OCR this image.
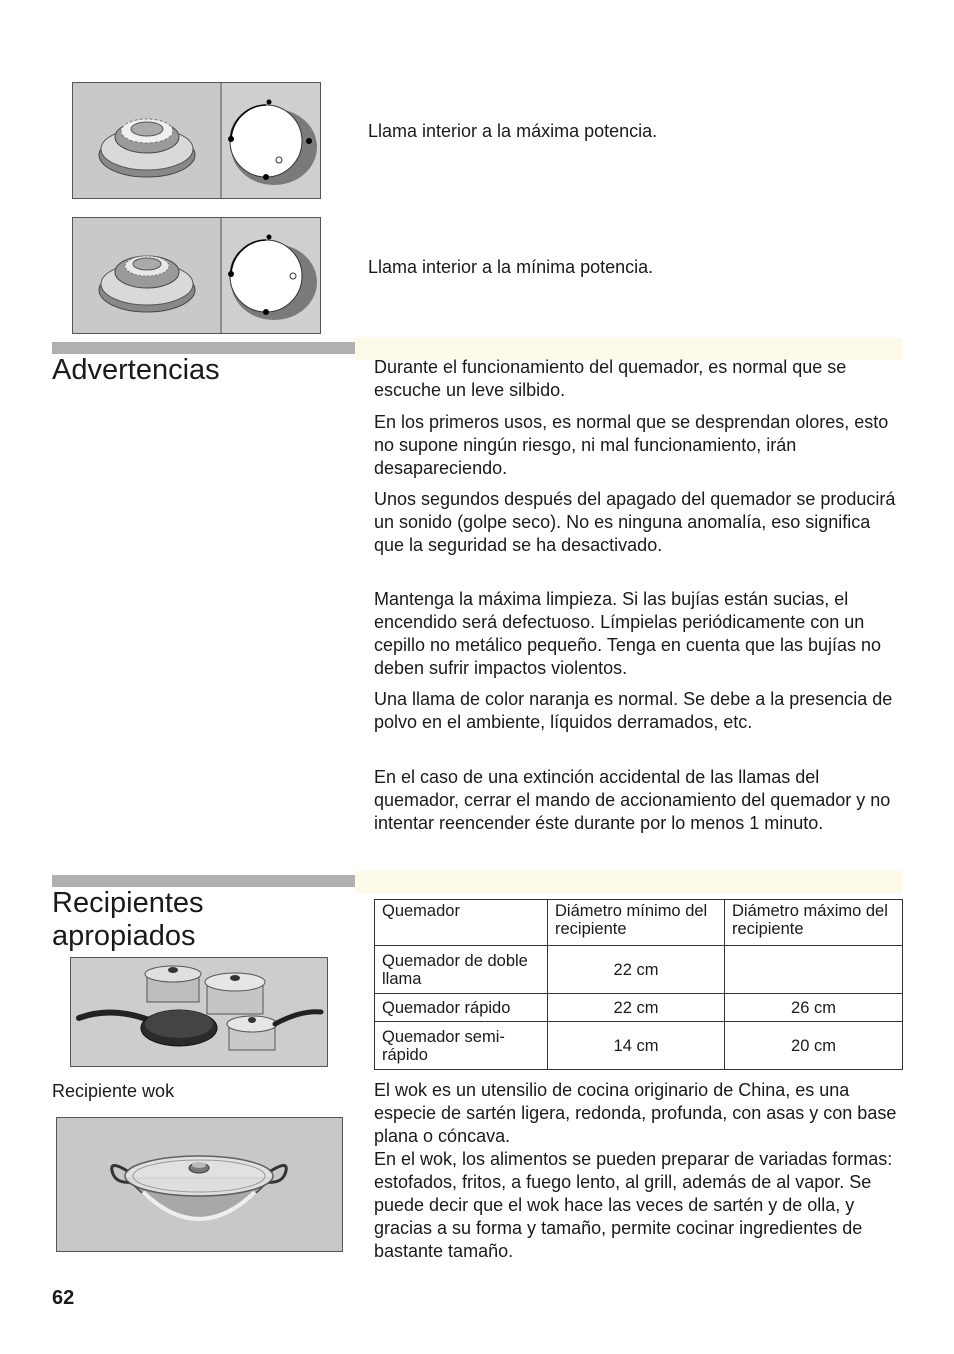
Llama interior a la máxima potencia.
Llama interior a la mínima potencia.
Advertencias	Durante el funcionamiento del quemador, es normal que se escuche un leve silbido.

En los primeros usos, es normal que se desprendan olores, esto no supone ningún riesgo, ni mal funcionamiento, irán desapareciendo.

Unos segundos después del apagado del quemador se producirá un sonido (golpe seco). No es ninguna anomalía, eso significa que la seguridad se ha desactivado.

Mantenga la máxima limpieza. Si las bujías están sucias, el encendido será defectuoso. Límpielas periódicamente con un cepillo no metálico pequeño. Tenga en cuenta que las bujías no deben sufrir impactos violentos.

Una llama de color naranja es normal. Se debe a la presencia de polvo en el ambiente, líquidos derramados, etc.

En el caso de una extinción accidental de las llamas del quemador, cerrar el mando de accionamiento del quemador y no intentar reencender éste durante por lo menos 1 minuto.

Recipientes
apropiados
Quemador	Diámetro mínimo del recipiente	Diámetro máximo del recipiente
Quemador de doble llama	22 cm	
Quemador rápido	22 cm	26 cm
Quemador semi-rápido	14 cm	20 cm
Recipiente wok	El wok es un utensilio de cocina originario de China, es una especie de sartén ligera, redonda, profunda, con asas y con base plana o cóncava.

En el wok, los alimentos se pueden preparar de variadas formas: estofados, fritos, a fuego lento, al grill, además de al vapor. Se puede decir que el wok hace las veces de sartén y de olla, y gracias a su forma y tamaño, permite cocinar ingredientes de bastante tamaño.

62
